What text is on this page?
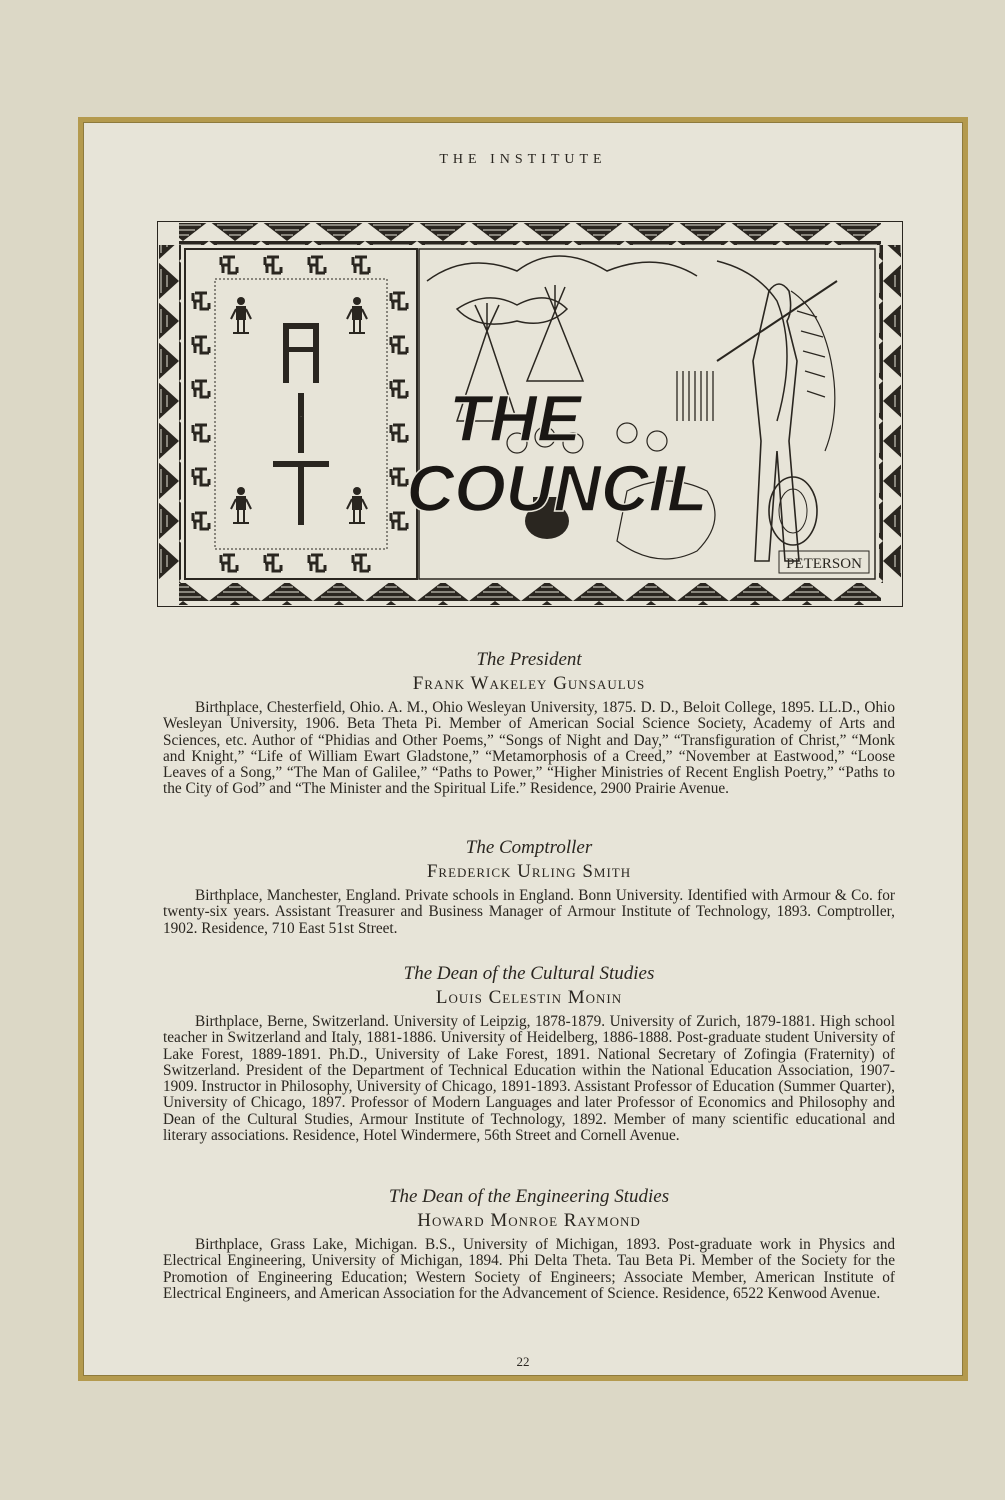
THE INSTITUTE
THE
COUNCIL
AIT
PETERSON
The President
Frank Wakeley Gunsaulus
Birthplace, Chesterfield, Ohio. A. M., Ohio Wesleyan University, 1875. D. D., Beloit College, 1895. LL.D., Ohio Wesleyan University, 1906. Beta Theta Pi. Member of American Social Science Society, Academy of Arts and Sciences, etc. Author of “Phidias and Other Poems,” “Songs of Night and Day,” “Transfiguration of Christ,” “Monk and Knight,” “Life of William Ewart Gladstone,” “Metamorphosis of a Creed,” “November at Eastwood,” “Loose Leaves of a Song,” “The Man of Galilee,” “Paths to Power,” “Higher Ministries of Recent English Poetry,” “Paths to the City of God” and “The Minister and the Spiritual Life.” Residence, 2900 Prairie Avenue.
The Comptroller
Frederick Urling Smith
Birthplace, Manchester, England. Private schools in England. Bonn University. Identified with Armour & Co. for twenty-six years. Assistant Treasurer and Business Manager of Armour Institute of Technology, 1893. Comptroller, 1902. Residence, 710 East 51st Street.
The Dean of the Cultural Studies
Louis Celestin Monin
Birthplace, Berne, Switzerland. University of Leipzig, 1878-1879. University of Zurich, 1879-1881. High school teacher in Switzerland and Italy, 1881-1886. University of Heidelberg, 1886-1888. Post-graduate student University of Lake Forest, 1889-1891. Ph.D., University of Lake Forest, 1891. National Secretary of Zofingia (Fraternity) of Switzerland. President of the Department of Technical Education within the National Education Association, 1907-1909. Instructor in Philosophy, University of Chicago, 1891-1893. Assistant Professor of Education (Summer Quarter), University of Chicago, 1897. Professor of Modern Languages and later Professor of Economics and Philosophy and Dean of the Cultural Studies, Armour Institute of Technology, 1892. Member of many scientific educational and literary associations. Residence, Hotel Windermere, 56th Street and Cornell Avenue.
The Dean of the Engineering Studies
Howard Monroe Raymond
Birthplace, Grass Lake, Michigan. B.S., University of Michigan, 1893. Post-graduate work in Physics and Electrical Engineering, University of Michigan, 1894. Phi Delta Theta. Tau Beta Pi. Member of the Society for the Promotion of Engineering Education; Western Society of Engineers; Associate Member, American Institute of Electrical Engineers, and American Association for the Advancement of Science. Residence, 6522 Kenwood Avenue.
22
